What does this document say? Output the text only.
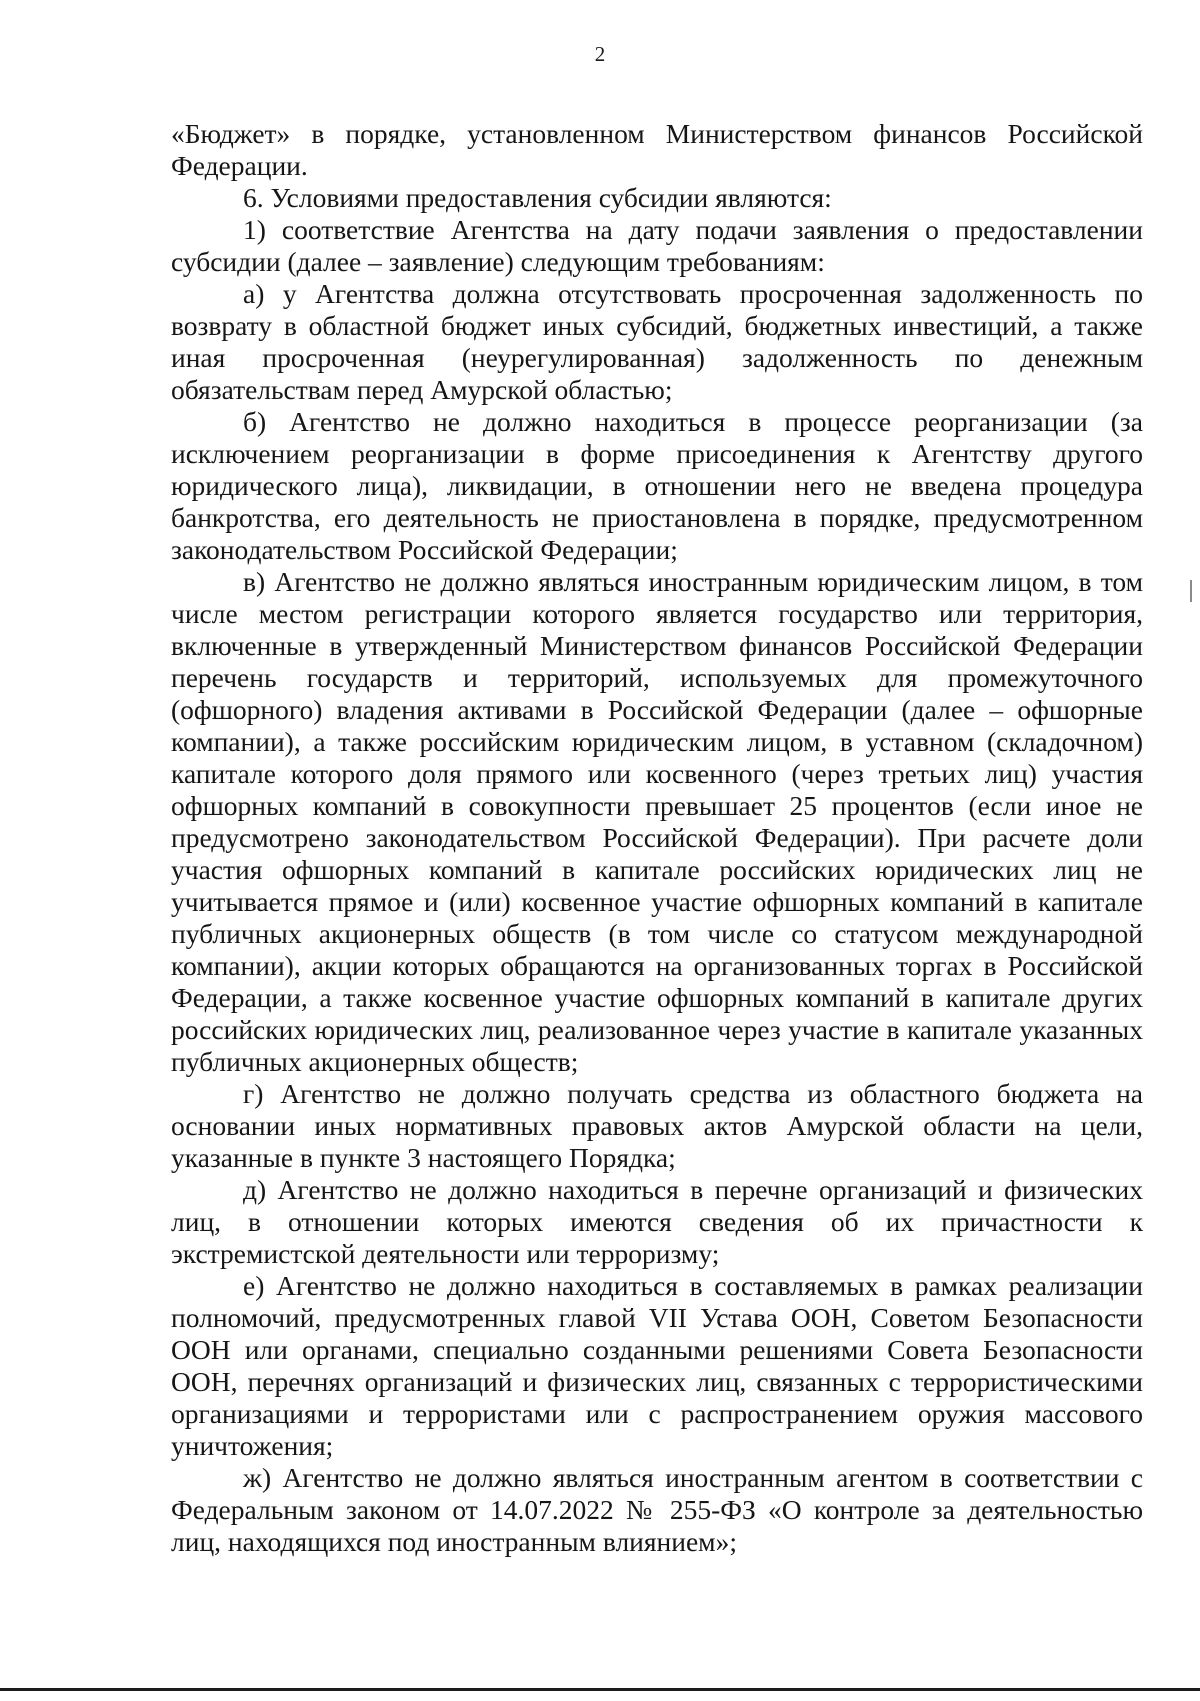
2

«Бюджет» в порядке, установленном Министерством финансов Российской Федерации.

6. Условиями предоставления субсидии являются:

1) соответствие Агентства на дату подачи заявления о предоставлении субсидии (далее – заявление) следующим требованиям:

а) у Агентства должна отсутствовать просроченная задолженность по возврату в областной бюджет иных субсидий, бюджетных инвестиций, а также иная просроченная (неурегулированная) задолженность по денежным обязательствам перед Амурской областью;

б) Агентство не должно находиться в процессе реорганизации (за исключением реорганизации в форме присоединения к Агентству другого юридического лица), ликвидации, в отношении него не введена процедура банкротства, его деятельность не приостановлена в порядке, предусмотренном законодательством Российской Федерации;

в) Агентство не должно являться иностранным юридическим лицом, в том числе местом регистрации которого является государство или территория, включенные в утвержденный Министерством финансов Российской Федерации перечень государств и территорий, используемых для промежуточного (офшорного) владения активами в Российской Федерации (далее – офшорные компании), а также российским юридическим лицом, в уставном (складочном) капитале которого доля прямого или косвенного (через третьих лиц) участия офшорных компаний в совокупности превышает 25 процентов (если иное не предусмотрено законодательством Российской Федерации). При расчете доли участия офшорных компаний в капитале российских юридических лиц не учитывается прямое и (или) косвенное участие офшорных компаний в капитале публичных акционерных обществ (в том числе со статусом международной компании), акции которых обращаются на организованных торгах в Российской Федерации, а также косвенное участие офшорных компаний в капитале других российских юридических лиц, реализованное через участие в капитале указанных публичных акционерных обществ;

г) Агентство не должно получать средства из областного бюджета на основании иных нормативных правовых актов Амурской области на цели, указанные в пункте 3 настоящего Порядка;

д) Агентство не должно находиться в перечне организаций и физических лиц, в отношении которых имеются сведения об их причастности к экстремистской деятельности или терроризму;

е) Агентство не должно находиться в составляемых в рамках реализации полномочий, предусмотренных главой VII Устава ООН, Советом Безопасности ООН или органами, специально созданными решениями Совета Безопасности ООН, перечнях организаций и физических лиц, связанных с террористическими организациями и террористами или с распространением оружия массового уничтожения;

ж) Агентство не должно являться иностранным агентом в соответствии с Федеральным законом от 14.07.2022 № 255-ФЗ «О контроле за деятельностью лиц, находящихся под иностранным влиянием»;
